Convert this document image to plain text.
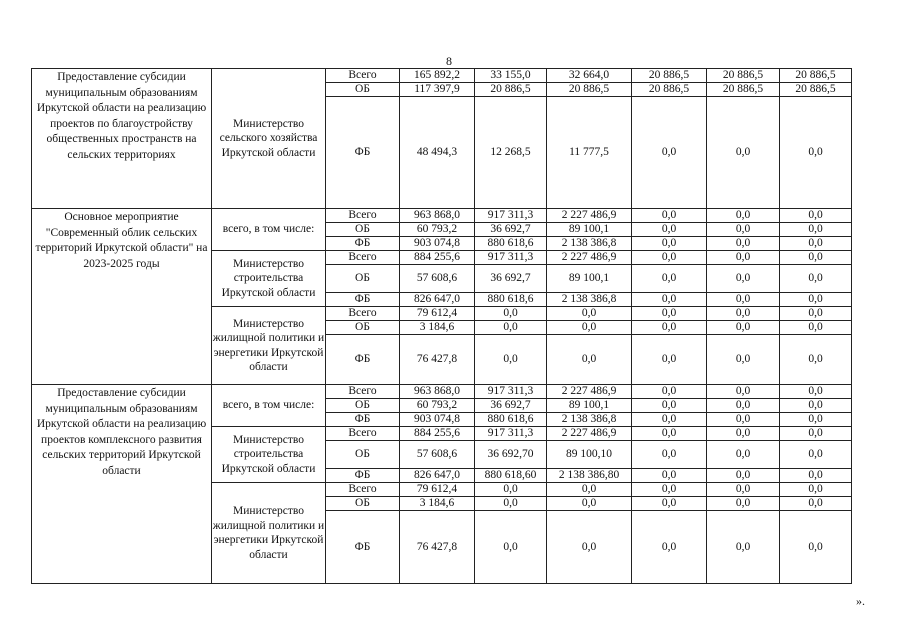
8
Предоставление субсидии муниципальным образованиям Иркутской области на реализацию проектов по благоустройству общественных пространств на сельских территориях	Министерство сельского хозяйства Иркутской области	Всего	165 892,2	33 155,0	32 664,0	20 886,5	20 886,5	20 886,5
		ОБ	117 397,9	20 886,5	20 886,5	20 886,5	20 886,5	20 886,5
		ФБ	48 494,3	12 268,5	11 777,5	0,0	0,0	0,0
Основное мероприятие "Современный облик сельских территорий Иркутской области" на 2023-2025 годы	всего, в том числе:	Всего	963 868,0	917 311,3	2 227 486,9	0,0	0,0	0,0
		ОБ	60 793,2	36 692,7	89 100,1	0,0	0,0	0,0
		ФБ	903 074,8	880 618,6	2 138 386,8	0,0	0,0	0,0
	Министерство строительства Иркутской области	Всего	884 255,6	917 311,3	2 227 486,9	0,0	0,0	0,0
		ОБ	57 608,6	36 692,7	89 100,1	0,0	0,0	0,0
		ФБ	826 647,0	880 618,6	2 138 386,8	0,0	0,0	0,0
	Министерство жилищной политики и энергетики Иркутской области	Всего	79 612,4	0,0	0,0	0,0	0,0	0,0
		ОБ	3 184,6	0,0	0,0	0,0	0,0	0,0
		ФБ	76 427,8	0,0	0,0	0,0	0,0	0,0
Предоставление субсидии муниципальным образованиям Иркутской области на реализацию проектов комплексного развития сельских территорий Иркутской области	всего, в том числе:	Всего	963 868,0	917 311,3	2 227 486,9	0,0	0,0	0,0
		ОБ	60 793,2	36 692,7	89 100,1	0,0	0,0	0,0
		ФБ	903 074,8	880 618,6	2 138 386,8	0,0	0,0	0,0
	Министерство строительства Иркутской области	Всего	884 255,6	917 311,3	2 227 486,9	0,0	0,0	0,0
		ОБ	57 608,6	36 692,70	89 100,10	0,0	0,0	0,0
		ФБ	826 647,0	880 618,60	2 138 386,80	0,0	0,0	0,0
	Министерство жилищной политики и энергетики Иркутской области	Всего	79 612,4	0,0	0,0	0,0	0,0	0,0
		ОБ	3 184,6	0,0	0,0	0,0	0,0	0,0
		ФБ	76 427,8	0,0	0,0	0,0	0,0	0,0
».
